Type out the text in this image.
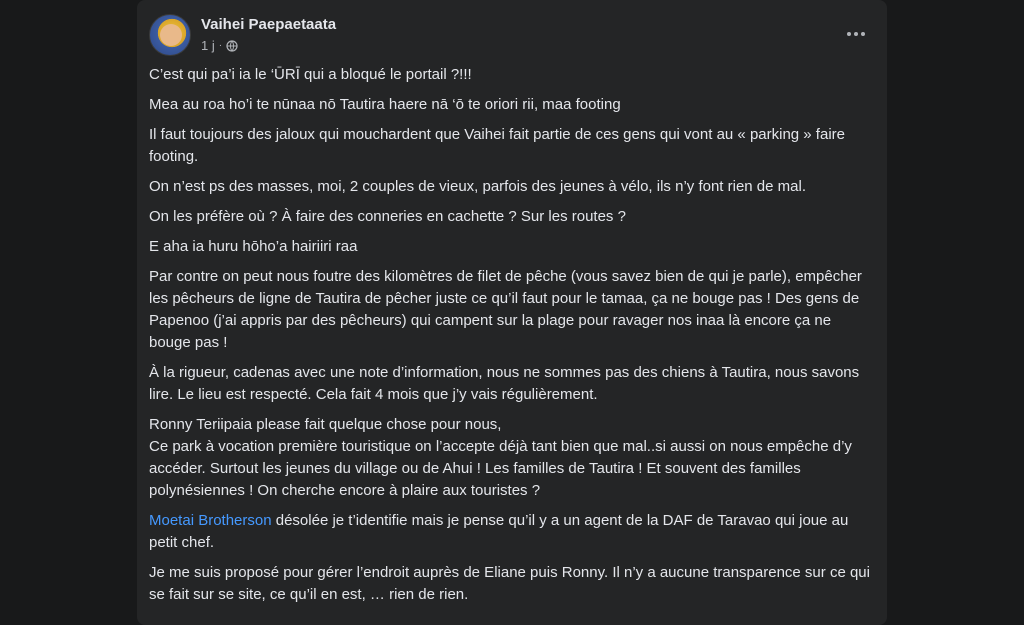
Vaihei Paepaetaata
1 j ·

C’est qui pa’i ia le ‘ŪRĪ qui a bloqué le portail ?!!!

Mea au roa ho’i te nūnaa nō Tautira haere nā ‘ō te oriori rii, maa footing

Il faut toujours des jaloux qui mouchardent que Vaihei fait partie de ces gens qui vont au « parking » faire footing.

On n’est ps des masses, moi, 2 couples de vieux, parfois des jeunes à vélo, ils n’y font rien de mal.

On les préfère où ? À faire des conneries en cachette ? Sur les routes ?

E aha ia huru hōho’a hairiiri raa

Par contre on peut nous foutre des kilomètres de filet de pêche (vous savez bien de qui je parle), empêcher les pêcheurs de ligne de Tautira de pêcher juste ce qu’il faut pour le tamaa, ça ne bouge pas ! Des gens de Papenoo (j’ai appris par des pêcheurs) qui campent sur la plage pour ravager nos inaa là encore ça ne bouge pas !

À la rigueur, cadenas avec une note d’information, nous ne sommes pas des chiens à Tautira, nous savons lire. Le lieu est respecté. Cela fait 4 mois que j’y vais régulièrement.

Ronny Teriipaia please fait quelque chose pour nous,
Ce park à vocation première touristique on l’accepte déjà tant bien que mal..si aussi on nous empêche d’y accéder. Surtout les jeunes du village ou de Ahui ! Les familles de Tautira ! Et souvent des familles polynésiennes ! On cherche encore à plaire aux touristes ?

Moetai Brotherson désolée je t’identifie mais je pense qu’il y a un agent de la DAF de Taravao qui joue au petit chef.

Je me suis proposé pour gérer l’endroit auprès de Eliane puis Ronny. Il n’y a aucune transparence sur ce qui se fait sur se site, ce qu’il en est, … rien de rien.
